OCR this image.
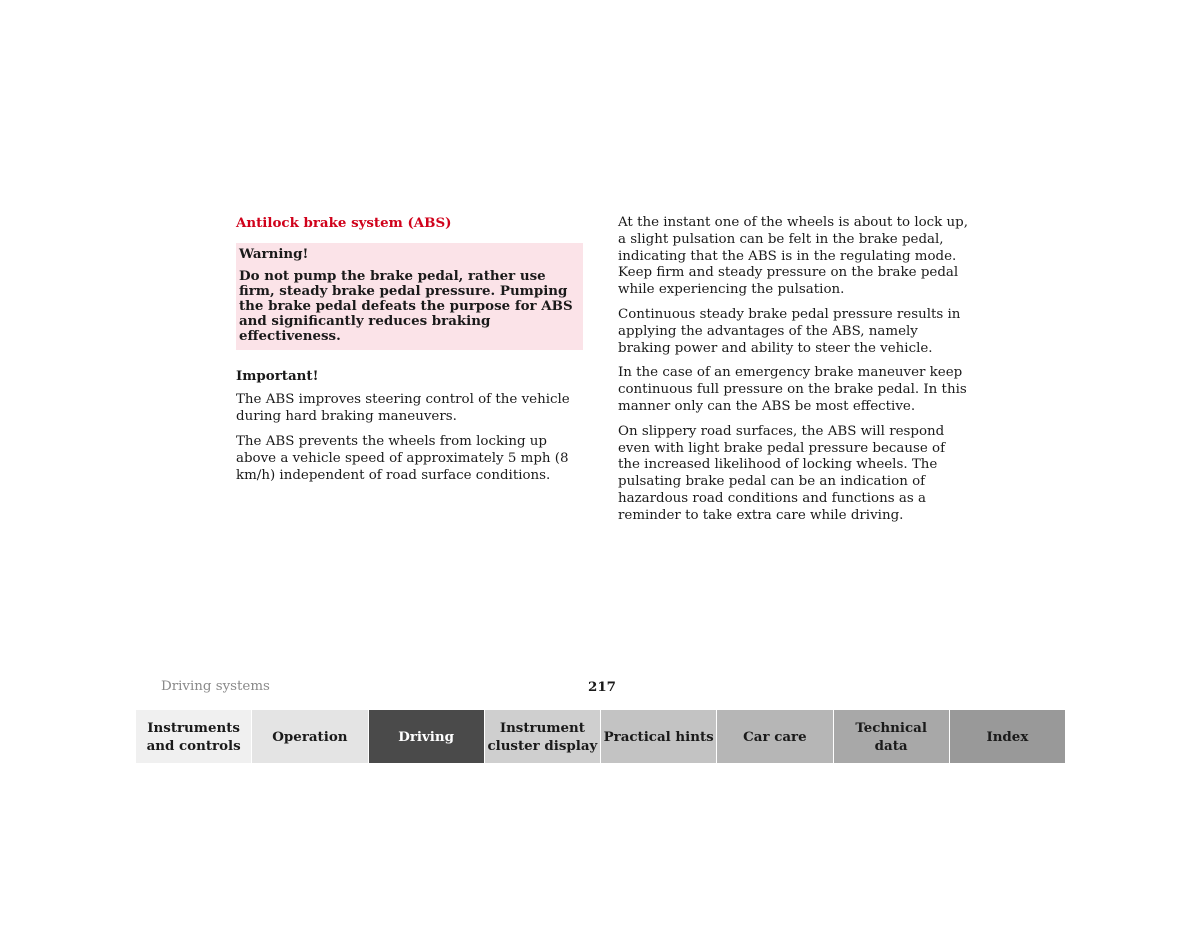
Antilock brake system (ABS)
Warning!

Do not pump the brake pedal, rather use firm, steady brake pedal pressure. Pumping the brake pedal defeats the purpose for ABS and significantly reduces braking effectiveness.

Important!

The ABS improves steering control of the vehicle during hard braking maneuvers.

The ABS prevents the wheels from locking up above a vehicle speed of approximately 5 mph (8 km/h) independent of road surface conditions.

At the instant one of the wheels is about to lock up, a slight pulsation can be felt in the brake pedal, indicating that the ABS is in the regulating mode. Keep firm and steady pressure on the brake pedal while experiencing the pulsation.

Continuous steady brake pedal pressure results in applying the advantages of the ABS, namely braking power and ability to steer the vehicle.

In the case of an emergency brake maneuver keep continuous full pressure on the brake pedal. In this manner only can the ABS be most effective.

On slippery road surfaces, the ABS will respond even with light brake pedal pressure because of the increased likelihood of locking wheels. The pulsating brake pedal can be an indication of hazardous road conditions and functions as a reminder to take extra care while driving.

Driving systems	217
Instruments
and controls
Operation	Driving
Instrument
cluster display
Practical hints	Car care
Technical
data
Index
